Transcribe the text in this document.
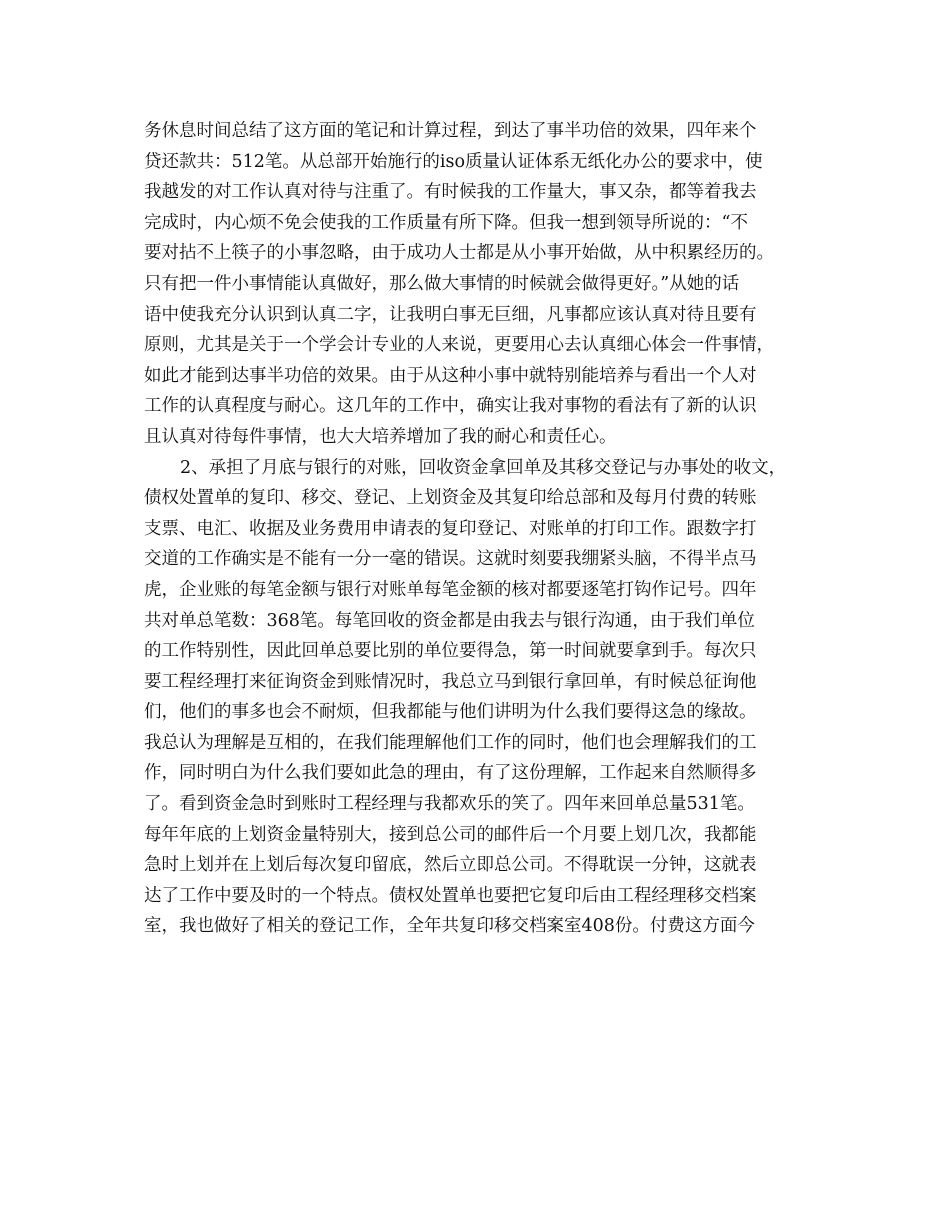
务休息时间总结了这方面的笔记和计算过程，到达了事半功倍的效果，四年来个
贷还款共：512笔。从总部开始施行的iso质量认证体系无纸化办公的要求中，使
我越发的对工作认真对待与注重了。有时候我的工作量大，事又杂，都等着我去
完成时，内心烦不免会使我的工作质量有所下降。但我一想到领导所说的：“不
要对拈不上筷子的小事忽略，由于成功人士都是从小事开始做，从中积累经历的。
只有把一件小事情能认真做好，那么做大事情的时候就会做得更好。”从她的话
语中使我充分认识到认真二字，让我明白事无巨细，凡事都应该认真对待且要有
原则，尤其是关于一个学会计专业的人来说，更要用心去认真细心体会一件事情，
如此才能到达事半功倍的效果。由于从这种小事中就特别能培养与看出一个人对
工作的认真程度与耐心。这几年的工作中，确实让我对事物的看法有了新的认识
且认真对待每件事情，也大大培养增加了我的耐心和责任心。
2、承担了月底与银行的对账，回收资金拿回单及其移交登记与办事处的收文，
债权处置单的复印、移交、登记、上划资金及其复印给总部和及每月付费的转账
支票、电汇、收据及业务费用申请表的复印登记、对账单的打印工作。跟数字打
交道的工作确实是不能有一分一毫的错误。这就时刻要我绷紧头脑，不得半点马
虎，企业账的每笔金额与银行对账单每笔金额的核对都要逐笔打钩作记号。四年
共对单总笔数：368笔。每笔回收的资金都是由我去与银行沟通，由于我们单位
的工作特别性，因此回单总要比别的单位要得急，第一时间就要拿到手。每次只
要工程经理打来征询资金到账情况时，我总立马到银行拿回单，有时候总征询他
们，他们的事多也会不耐烦，但我都能与他们讲明为什么我们要得这急的缘故。
我总认为理解是互相的，在我们能理解他们工作的同时，他们也会理解我们的工
作，同时明白为什么我们要如此急的理由，有了这份理解，工作起来自然顺得多
了。看到资金急时到账时工程经理与我都欢乐的笑了。四年来回单总量531笔。
每年年底的上划资金量特别大，接到总公司的邮件后一个月要上划几次，我都能
急时上划并在上划后每次复印留底，然后立即总公司。不得耽误一分钟，这就表
达了工作中要及时的一个特点。债权处置单也要把它复印后由工程经理移交档案
室，我也做好了相关的登记工作，全年共复印移交档案室408份。付费这方面今
